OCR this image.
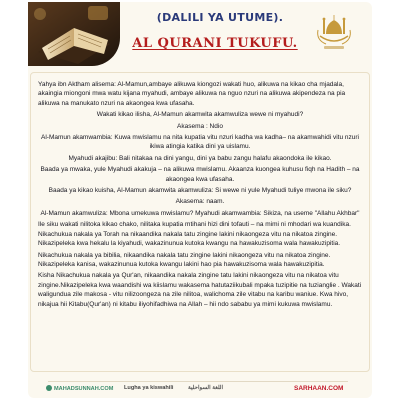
(DALILI YA UTUME).
AL QURANI TUKUFU.

Yahya ibn Aktham alisema: Al-Mamun,ambaye alikuwa kiongozi wakati huo, alikuwa na kikao cha mjadala, akaingia miongoni mwa watu kijana myahudi, ambaye alikuwa na nguo nzuri na alikuwa akipendeza na pia alikuwa na manukato nzuri na akaongea kwa ufasaha.

Wakati kikao ilisha, Al-Mamun akamwita akamwuliza wewe ni myahudi?

Akasema : Ndio

Al-Mamun akamwambia: Kuwa mwislamu na nita kupatia vitu nzuri kadha wa kadha– na akamwahidi vitu nzuri ikiwa atingia katika dini ya uislamu.

Myahudi akajibu: Bali nitakaa na dini yangu, dini ya babu zangu halafu akaondoka ile kikao.

Baada ya mwaka, yule Myahudi akakuja – na alikuwa mwislamu. Akaanza kuongea kuhusu fiqh na Hadith – na akaongea kwa ufasaha.

Baada ya kikao kuisha, Al-Mamun akamwita akamwuliza: Si wewe ni yule Myahudi tuliye mwona ile siku?

Akasema: naam.

Al-Mamun akamwuliza: Mbona umekuwa mwislamu? Myahudi akamwambia: Sikiza, na useme "Allahu Akhbar"

Ile siku wakati nilitoka kikao chako, nilitaka kupatia mtihani hizi dini tofauti – na mimi ni mhodari wa kuandika. Nikachukua nakala ya Torah na nikaandika nakala tatu zingine lakini nikaongeza vitu na nikatoa zingine. Nikazipeleka kwa hekalu la kiyahudi, wakazinunua kutoka kwangu na hawakuzisoma wala hawakuzipitia.

Nikachukua nakala ya bibilia, nikaandika nakala tatu zingine lakini nikaongeza vitu na nikatoa zingine. Nikazipeleka kanisa, wakazinunua kutoka kwangu lakini hao pia hawakuzisoma wala hawakuzipitia.

Kisha Nikachukua nakala ya Qur'an, nikaandika nakala zingine tatu lakini nikaongeza vitu na nikatoa vitu zingine.Nikazipeleka kwa waandishi wa kiislamu wakasema hatutaziikubali mpaka tuzipitie na tuzianglie . Wakati waligundua zile makosa - vitu nilizoongeza na zile nilitoa, walichoma zile vitabu na karibu waniue. Kwa hivo, nikajua hii Kitabu(Qur'an) ni kitabu iliyohifadhiwa na Allah – hii ndo sababu ya mimi kukuwa mwislamu.

MAHADSUNNAH.COM Lugha ya kiswahili	اللغة السواحلية	SARHAAN.COM
